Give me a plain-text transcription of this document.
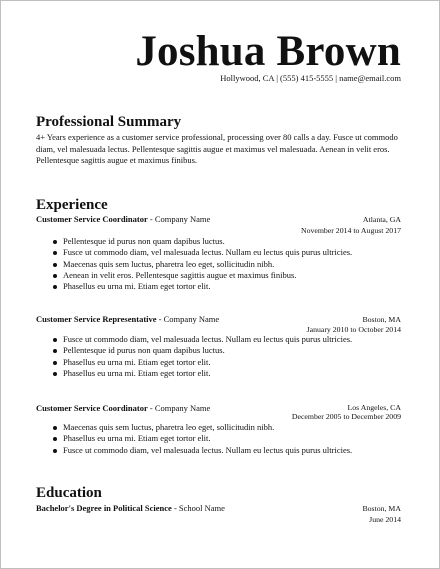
Joshua Brown
Hollywood, CA | (555) 415-5555 | name@email.com
Professional Summary
4+ Years experience as a customer service professional, processing over 80 calls a day. Fusce ut commodo diam, vel malesuada lectus. Pellentesque sagittis augue et maximus vel malesuada. Aenean in velit eros. Pellentesque sagittis augue et maximus finibus.
Experience
Customer Service Coordinator - Company Name	Atlanta, GA
November 2014 to August 2017
Pellentesque id purus non quam dapibus luctus.
Fusce ut commodo diam, vel malesuada lectus. Nullam eu lectus quis purus ultricies.
Maecenas quis sem luctus, pharetra leo eget, sollicitudin nibh.
Aenean in velit eros. Pellentesque sagittis augue et maximus finibus.
Phasellus eu urna mi. Etiam eget tortor elit.
Customer Service Representative - Company Name	Boston, MA
January 2010 to October 2014
Fusce ut commodo diam, vel malesuada lectus. Nullam eu lectus quis purus ultricies.
Pellentesque id purus non quam dapibus luctus.
Phasellus eu urna mi. Etiam eget tortor elit.
Phasellus eu urna mi. Etiam eget tortor elit.
Customer Service Coordinator - Company Name	Los Angeles, CA
December 2005 to December 2009
Maecenas quis sem luctus, pharetra leo eget, sollicitudin nibh.
Phasellus eu urna mi. Etiam eget tortor elit.
Fusce ut commodo diam, vel malesuada lectus. Nullam eu lectus quis purus ultricies.
Education
Bachelor's Degree in Political Science - School Name	Boston, MA
June 2014
